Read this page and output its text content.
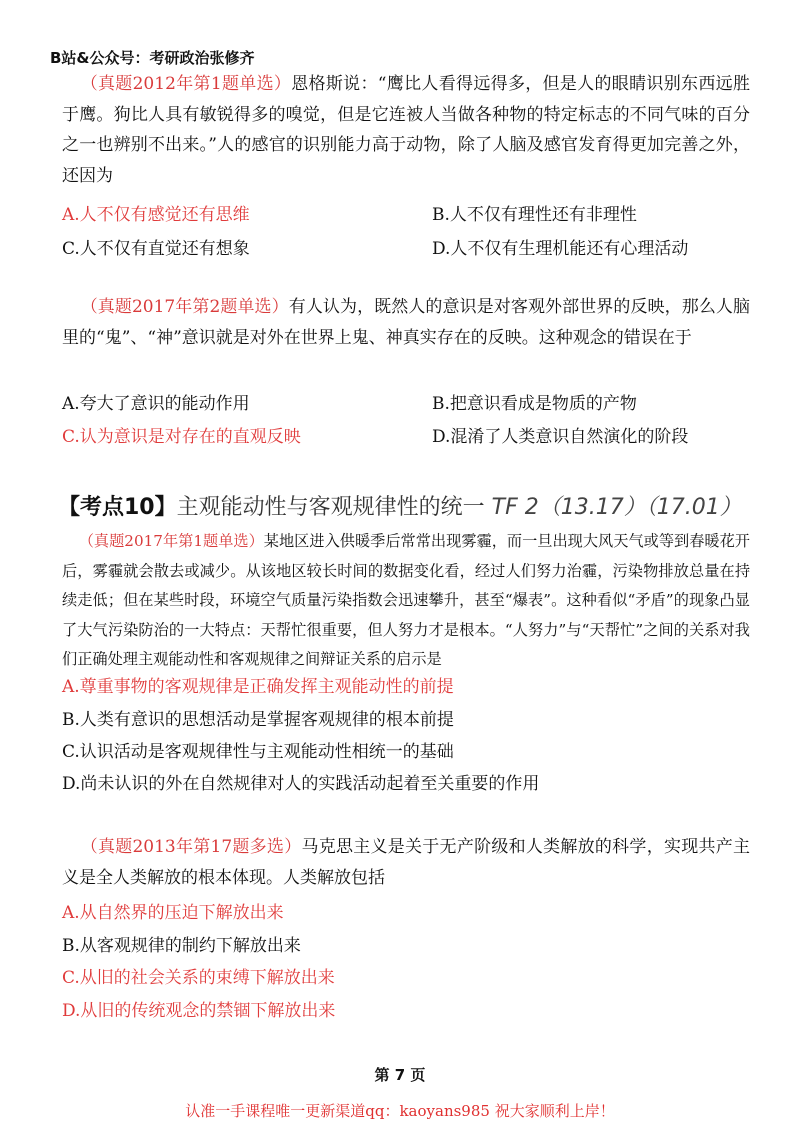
B站&公众号：考研政治张修齐

（真题2012年第1题单选）恩格斯说：“鹰比人看得远得多，但是人的眼睛识别东西远胜于鹰。狗比人具有敏锐得多的嗅觉，但是它连被人当做各种物的特定标志的不同气味的百分之一也辨别不出来。”人的感官的识别能力高于动物，除了人脑及感官发育得更加完善之外，还因为

A.人不仅有感觉还有思维	B.人不仅有理性还有非理性
C.人不仅有直觉还有想象	D.人不仅有生理机能还有心理活动

（真题2017年第2题单选）有人认为，既然人的意识是对客观外部世界的反映，那么人脑里的“鬼”、“神”意识就是对外在世界上鬼、神真实存在的反映。这种观念的错误在于

A.夸大了意识的能动作用	B.把意识看成是物质的产物
C.认为意识是对存在的直观反映	D.混淆了人类意识自然演化的阶段
【考点10】主观能动性与客观规律性的统一 TF 2（13.17）（17.01）

（真题2017年第1题单选）某地区进入供暖季后常常出现雾霾，而一旦出现大风天气或等到春暖花开后，雾霾就会散去或减少。从该地区较长时间的数据变化看，经过人们努力治霾，污染物排放总量在持续走低；但在某些时段，环境空气质量污染指数会迅速攀升，甚至“爆表”。这种看似“矛盾”的现象凸显了大气污染防治的一大特点：天帮忙很重要，但人努力才是根本。“人努力”与“天帮忙”之间的关系对我们正确处理主观能动性和客观规律之间辩证关系的启示是

A.尊重事物的客观规律是正确发挥主观能动性的前提
B.人类有意识的思想活动是掌握客观规律的根本前提
C.认识活动是客观规律性与主观能动性相统一的基础
D.尚未认识的外在自然规律对人的实践活动起着至关重要的作用

（真题2013年第17题多选）马克思主义是关于无产阶级和人类解放的科学，实现共产主义是全人类解放的根本体现。人类解放包括

A.从自然界的压迫下解放出来
B.从客观规律的制约下解放出来
C.从旧的社会关系的束缚下解放出来
D.从旧的传统观念的禁锢下解放出来
第 7 页
认准一手课程唯一更新渠道qq：kaoyans985 祝大家顺利上岸！
